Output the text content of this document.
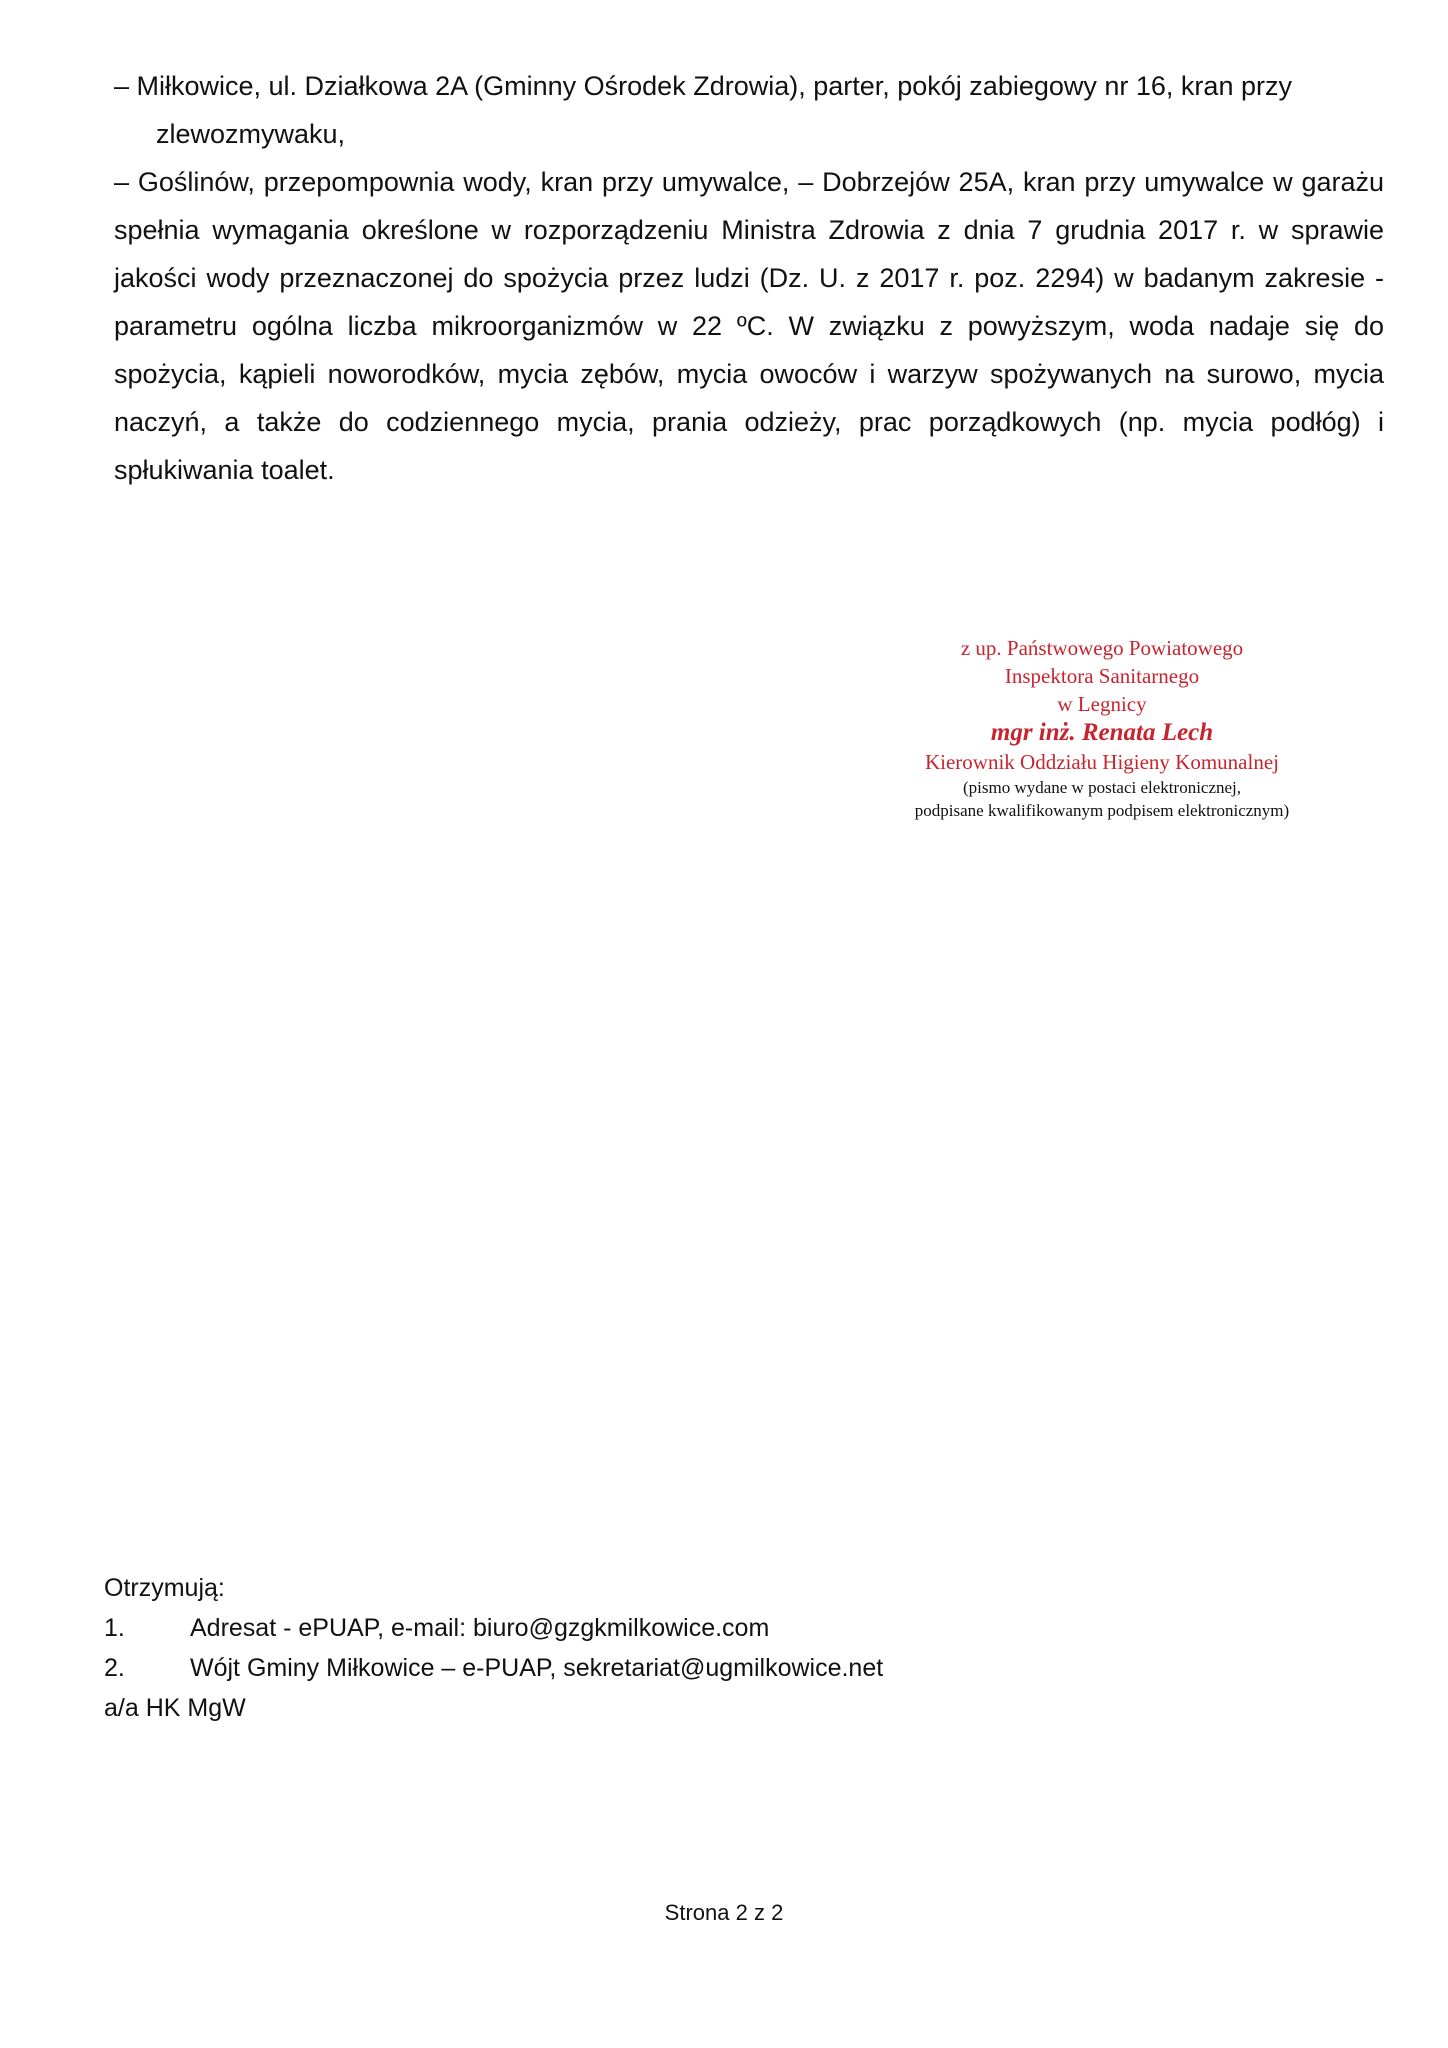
– Miłkowice, ul. Działkowa 2A (Gminny Ośrodek Zdrowia), parter, pokój zabiegowy nr 16, kran przy

zlewozmywaku,

– Goślinów, przepompownia wody, kran przy umywalce, – Dobrzejów 25A, kran przy umywalce w garażu spełnia wymagania określone w rozporządzeniu Ministra Zdrowia z dnia 7 grudnia 2017 r. w sprawie jakości wody przeznaczonej do spożycia przez ludzi (Dz. U. z 2017 r. poz. 2294) w badanym zakresie - parametru ogólna liczba mikroorganizmów w 22 ºC. W związku z powyższym, woda nadaje się do spożycia, kąpieli noworodków, mycia zębów, mycia owoców i warzyw spożywanych na surowo, mycia naczyń, a także do codziennego mycia, prania odzieży, prac porządkowych (np. mycia podłóg) i spłukiwania toalet.

z up. Państwowego Powiatowego
Inspektora Sanitarnego
w Legnicy
mgr inż. Renata Lech
Kierownik Oddziału Higieny Komunalnej
(pismo wydane w postaci elektronicznej,
podpisane kwalifikowanym podpisem elektronicznym)
Otrzymują:
1.	Adresat - ePUAP, e-mail: biuro@gzgkmilkowice.com
2.	Wójt Gminy Miłkowice – e-PUAP, sekretariat@ugmilkowice.net
a/a HK MgW
Strona 2 z 2
